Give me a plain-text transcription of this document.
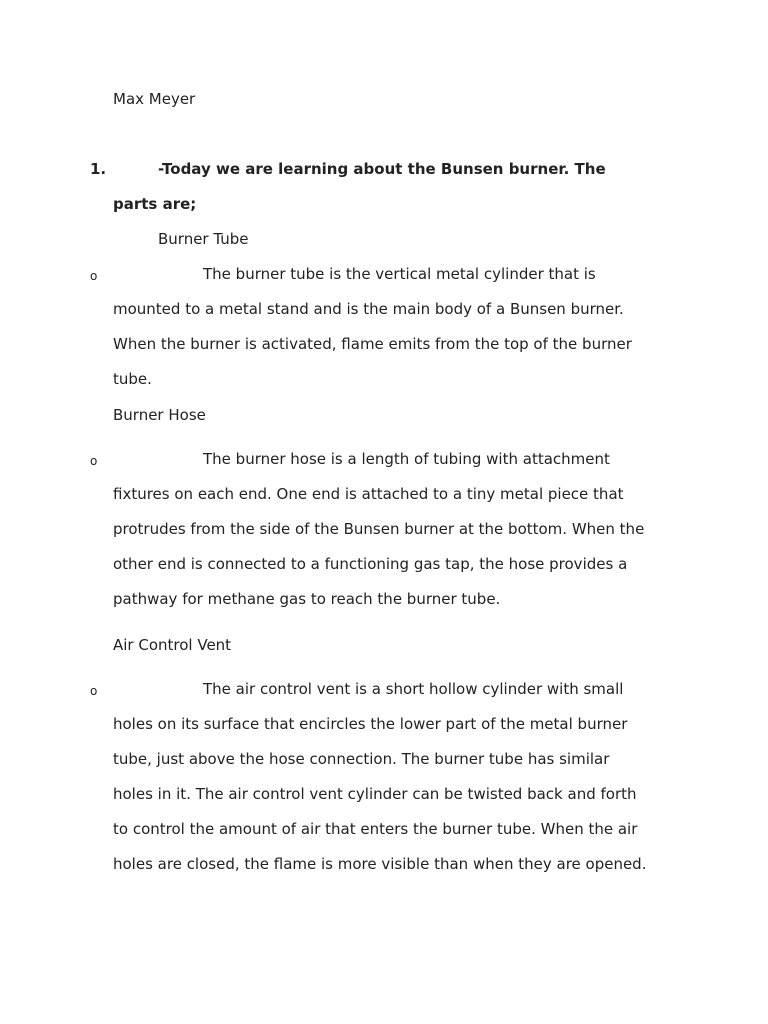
Max Meyer
1.	-Today we are learning about the Bunsen burner. The
parts are;
Burner Tube
o	The burner tube is the vertical metal cylinder that is
mounted to a metal stand and is the main body of a Bunsen burner.
When the burner is activated, flame emits from the top of the burner
tube.
Burner Hose
o	The burner hose is a length of tubing with attachment
fixtures on each end. One end is attached to a tiny metal piece that
protrudes from the side of the Bunsen burner at the bottom. When the
other end is connected to a functioning gas tap, the hose provides a
pathway for methane gas to reach the burner tube.
Air Control Vent
o	The air control vent is a short hollow cylinder with small
holes on its surface that encircles the lower part of the metal burner
tube, just above the hose connection. The burner tube has similar
holes in it. The air control vent cylinder can be twisted back and forth
to control the amount of air that enters the burner tube. When the air
holes are closed, the flame is more visible than when they are opened.
